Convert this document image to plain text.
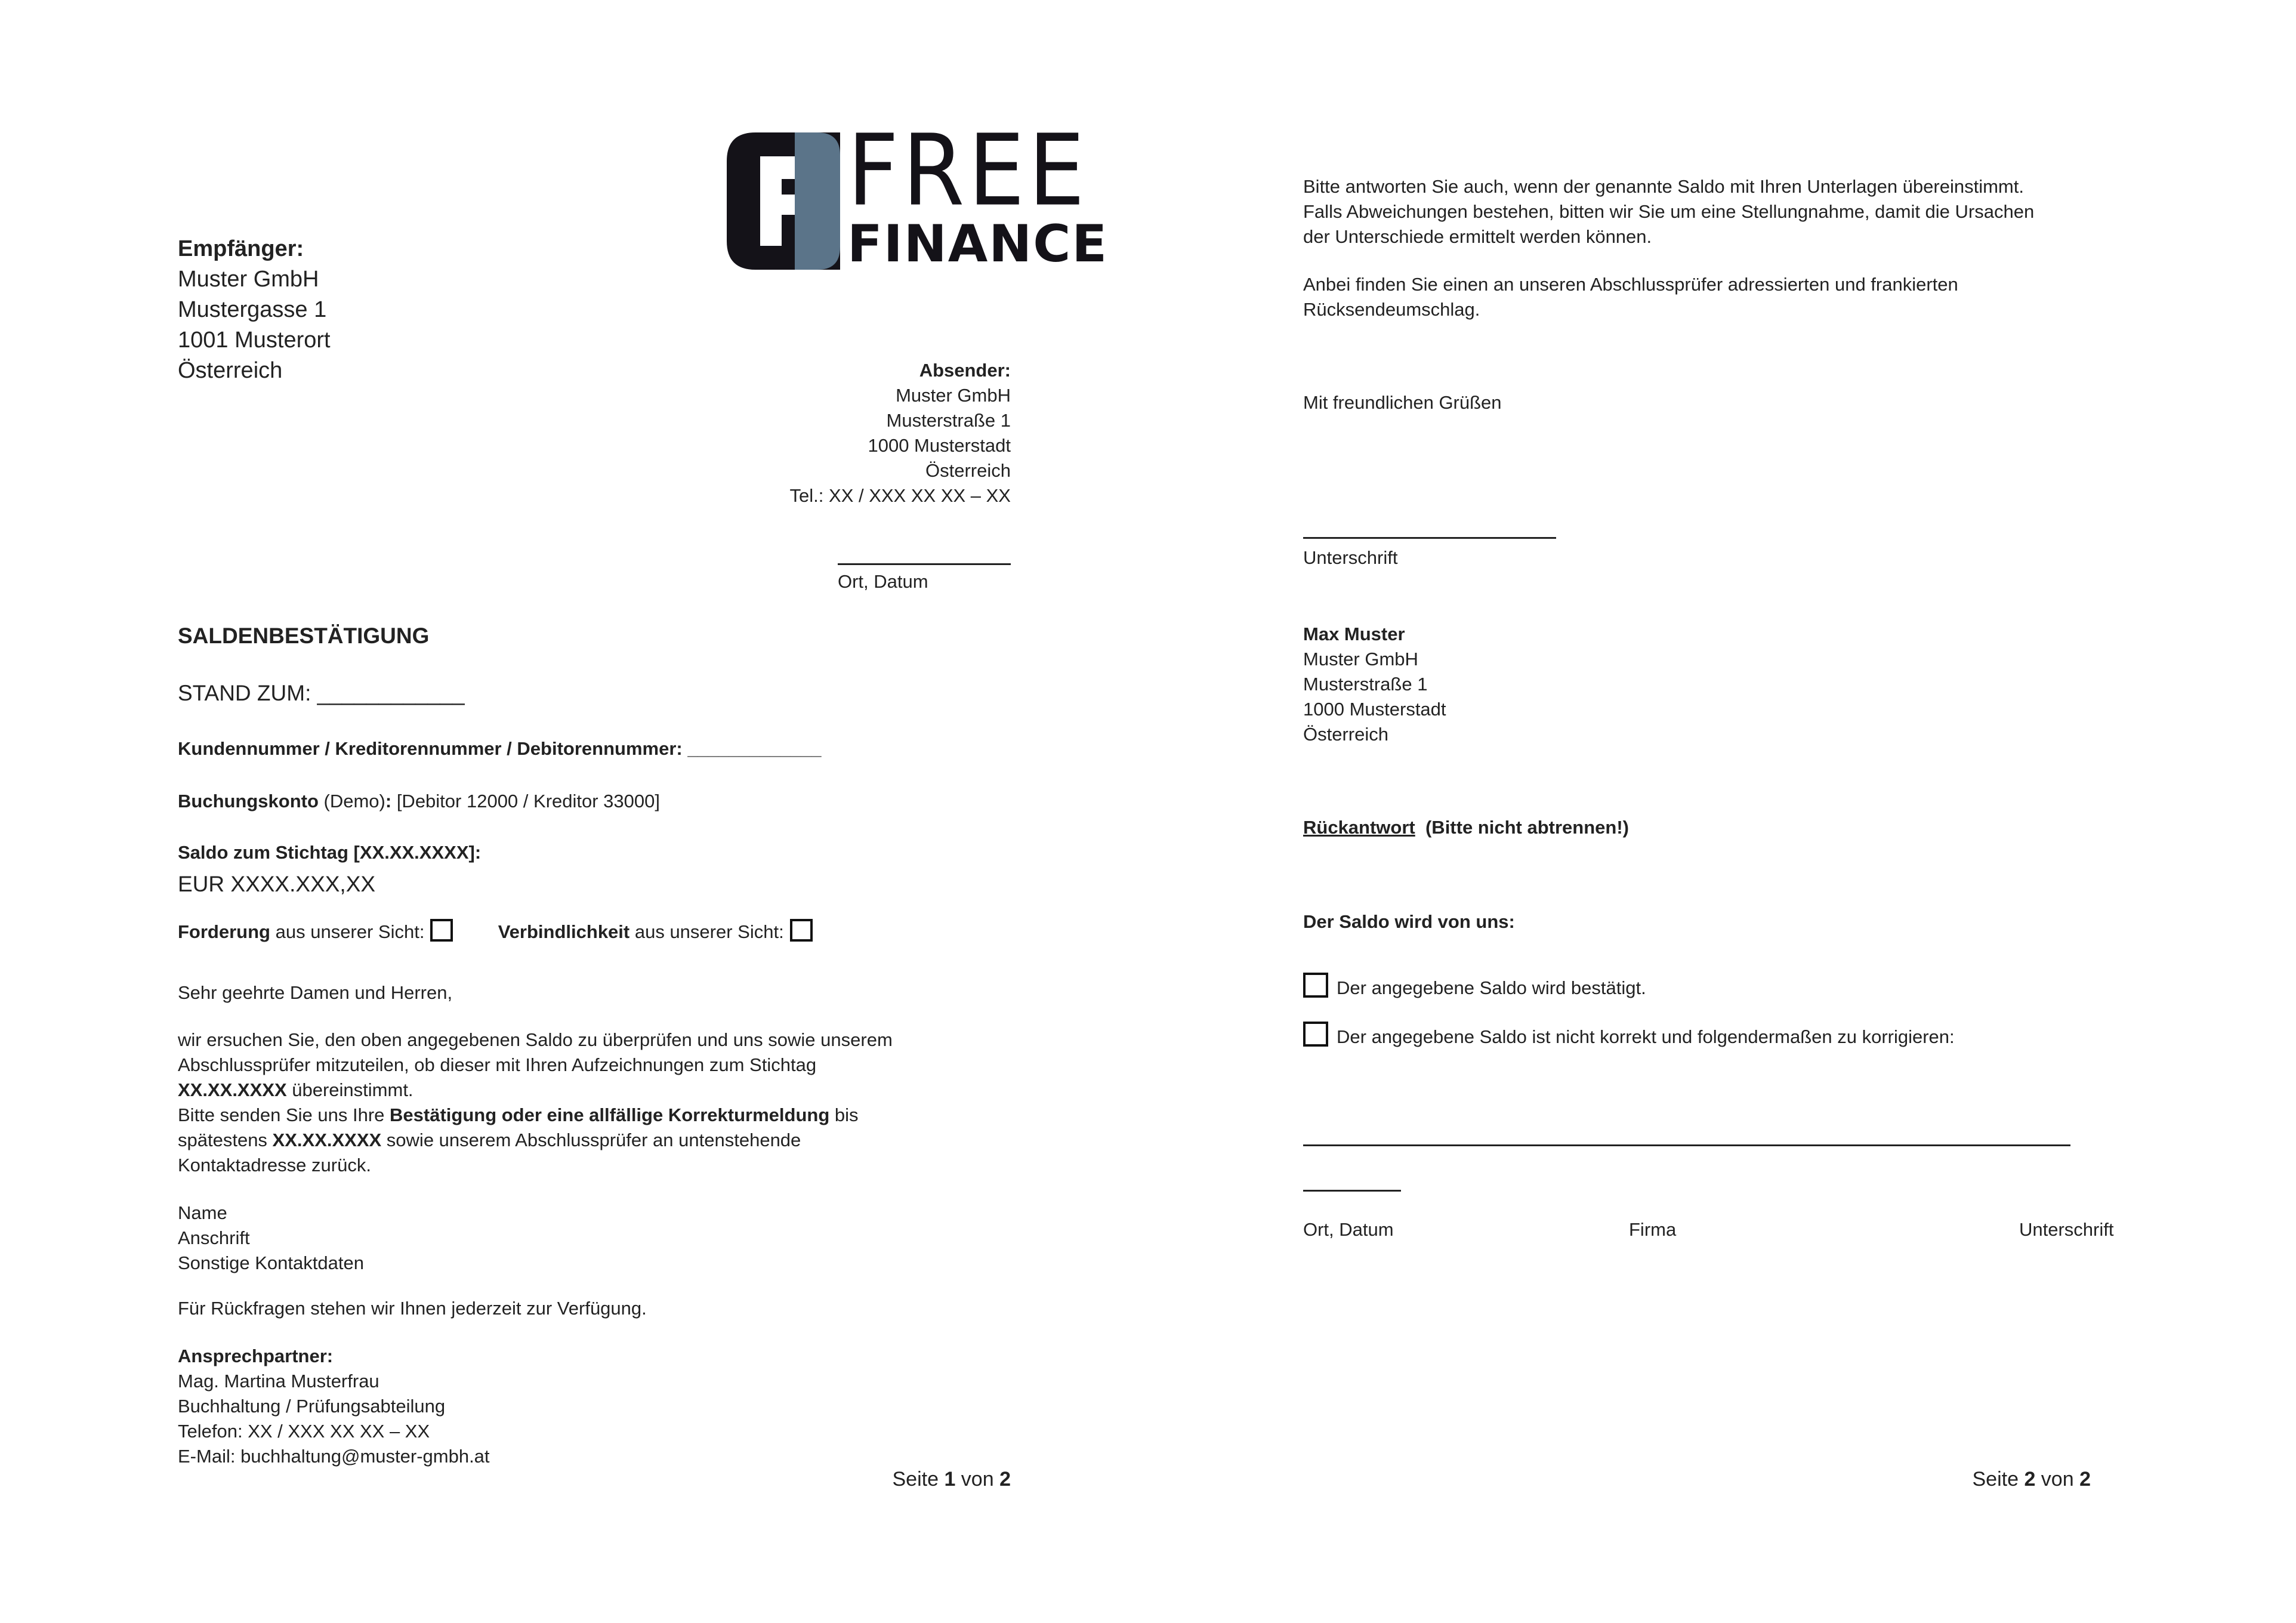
FREE
FINANCE
Empfänger:
Muster GmbH
Mustergasse 1
1001 Musterort
Österreich	Absender:
Muster GmbH
Musterstraße 1
1000 Musterstadt
Österreich
Tel.: XX / XXX XX XX – XX
Ort, Datum
SALDENBESTÄTIGUNG
STAND ZUM: ____________
Kundennummer / Kreditorennummer / Debitorennummer: _____________
Buchungskonto (Demo): [Debitor 12000 / Kreditor 33000]
Saldo zum Stichtag [XX.XX.XXXX]:
EUR XXXX.XXX,XX
Forderung aus unserer Sicht:	Verbindlichkeit aus unserer Sicht:
Sehr geehrte Damen und Herren,
wir ersuchen Sie, den oben angegebenen Saldo zu überprüfen und uns sowie unserem
Abschlussprüfer mitzuteilen, ob dieser mit Ihren Aufzeichnungen zum Stichtag
XX.XX.XXXX übereinstimmt.
Bitte senden Sie uns Ihre Bestätigung oder eine allfällige Korrekturmeldung bis
spätestens XX.XX.XXXX sowie unserem Abschlussprüfer an untenstehende
Kontaktadresse zurück.
Name
Anschrift
Sonstige Kontaktdaten
Für Rückfragen stehen wir Ihnen jederzeit zur Verfügung.
Ansprechpartner:
Mag. Martina Musterfrau
Buchhaltung / Prüfungsabteilung
Telefon: XX / XXX XX XX – XX
E-Mail: buchhaltung@muster-gmbh.at
Seite 1 von 2
Bitte antworten Sie auch, wenn der genannte Saldo mit Ihren Unterlagen übereinstimmt.
Falls Abweichungen bestehen, bitten wir Sie um eine Stellungnahme, damit die Ursachen
der Unterschiede ermittelt werden können.
Anbei finden Sie einen an unseren Abschlussprüfer adressierten und frankierten
Rücksendeumschlag.
Mit freundlichen Grüßen
Unterschrift
Max Muster
Muster GmbH
Musterstraße 1
1000 Musterstadt
Österreich
Rückantwort (Bitte nicht abtrennen!)
Der Saldo wird von uns:
Der angegebene Saldo wird bestätigt.
Der angegebene Saldo ist nicht korrekt und folgendermaßen zu korrigieren:
Ort, Datum	Firma	Unterschrift
Seite 2 von 2
